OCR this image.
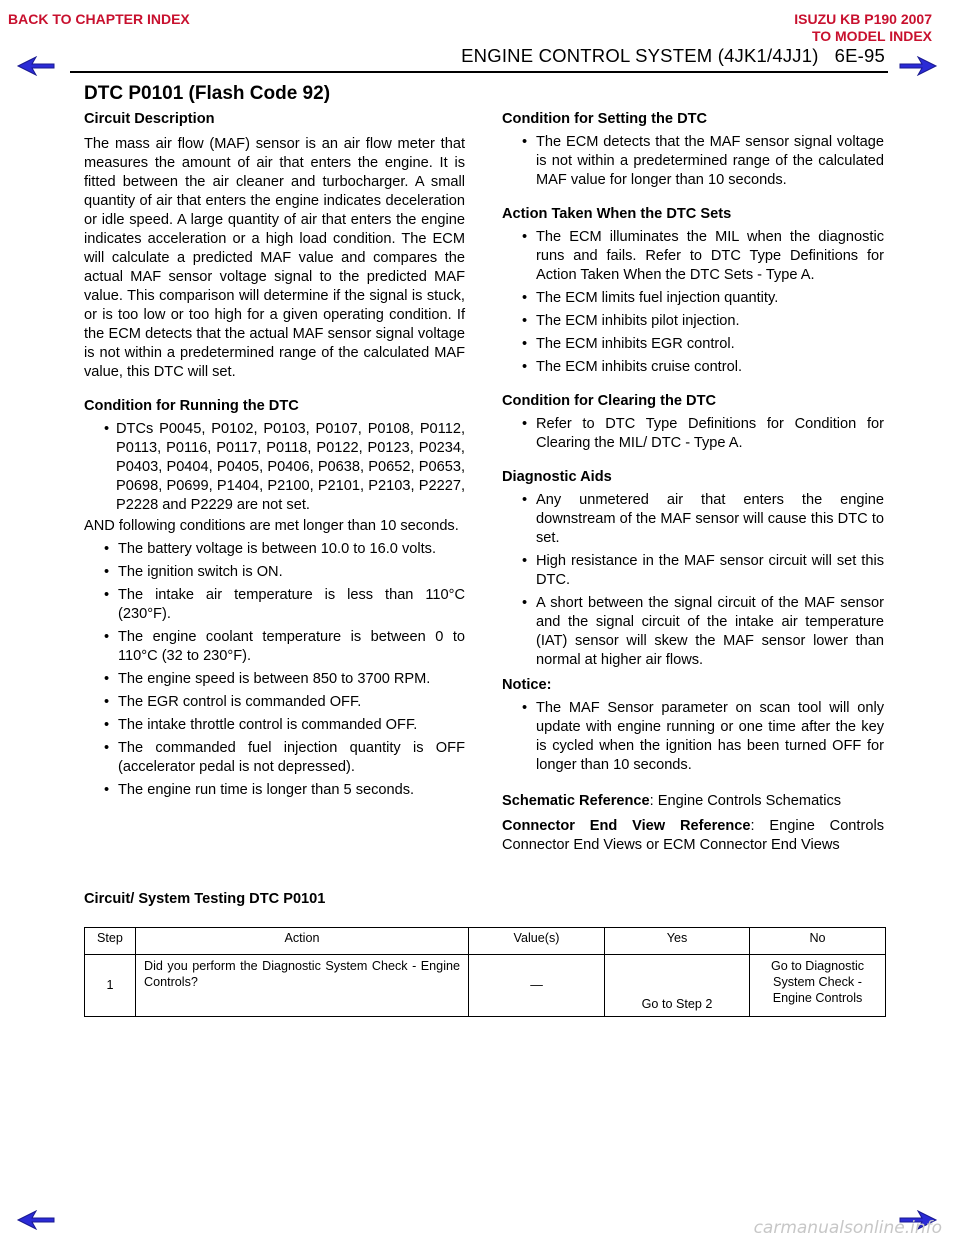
BACK TO CHAPTER INDEX	ISUZU KB P190 2007
TO MODEL INDEX
ENGINE CONTROL SYSTEM (4JK1/4JJ1)   6E-95
DTC P0101 (Flash Code 92)

Circuit Description

The mass air flow (MAF) sensor is an air flow meter that measures the amount of air that enters the engine. It is fitted between the air cleaner and turbocharger. A small quantity of air that enters the engine indicates deceleration or idle speed. A large quantity of air that enters the engine indicates acceleration or a high load condition. The ECM will calculate a predicted MAF value and compares the actual MAF sensor voltage signal to the predicted MAF value. This comparison will determine if the signal is stuck, or is too low or too high for a given operating condition. If the ECM detects that the actual MAF sensor signal voltage is not within a predetermined range of the calculated MAF value, this DTC will set.

Condition for Running the DTC

• DTCs P0045, P0102, P0103, P0107, P0108, P0112, P0113, P0116, P0117, P0118, P0122, P0123, P0234, P0403, P0404, P0405, P0406, P0638, P0652, P0653, P0698, P0699, P1404, P2100, P2101, P2103, P2227, P2228 and P2229 are not set.

AND following conditions are met longer than 10 seconds.

• The battery voltage is between 10.0 to 16.0 volts.
• The ignition switch is ON.
• The intake air temperature is less than 110°C (230°F).
• The engine coolant temperature is between 0 to 110°C (32 to 230°F).
• The engine speed is between 850 to 3700 RPM.
• The EGR control is commanded OFF.
• The intake throttle control is commanded OFF.
• The commanded fuel injection quantity is OFF (accelerator pedal is not depressed).
• The engine run time is longer than 5 seconds.

Condition for Setting the DTC

• The ECM detects that the MAF sensor signal voltage is not within a predetermined range of the calculated MAF value for longer than 10 seconds.

Action Taken When the DTC Sets

• The ECM illuminates the MIL when the diagnostic runs and fails. Refer to DTC Type Definitions for Action Taken When the DTC Sets - Type A.
• The ECM limits fuel injection quantity.
• The ECM inhibits pilot injection.
• The ECM inhibits EGR control.
• The ECM inhibits cruise control.

Condition for Clearing the DTC

• Refer to DTC Type Definitions for Condition for Clearing the MIL/ DTC - Type A.

Diagnostic Aids

• Any unmetered air that enters the engine downstream of the MAF sensor will cause this DTC to set.
• High resistance in the MAF sensor circuit will set this DTC.
• A short between the signal circuit of the MAF sensor and the signal circuit of the intake air temperature (IAT) sensor will skew the MAF sensor lower than normal at higher air flows.

Notice:

• The MAF Sensor parameter on scan tool will only update with engine running or one time after the key is cycled when the ignition has been turned OFF for longer than 10 seconds.

Schematic Reference: Engine Controls Schematics

Connector End View Reference: Engine Controls Connector End Views or ECM Connector End Views

Circuit/ System Testing DTC P0101
Step	Action	Value(s)	Yes	No
1	Did you perform the Diagnostic System Check - Engine Controls?	—	Go to Step 2	Go to Diagnostic System Check - Engine Controls
carmanualsonline.info
